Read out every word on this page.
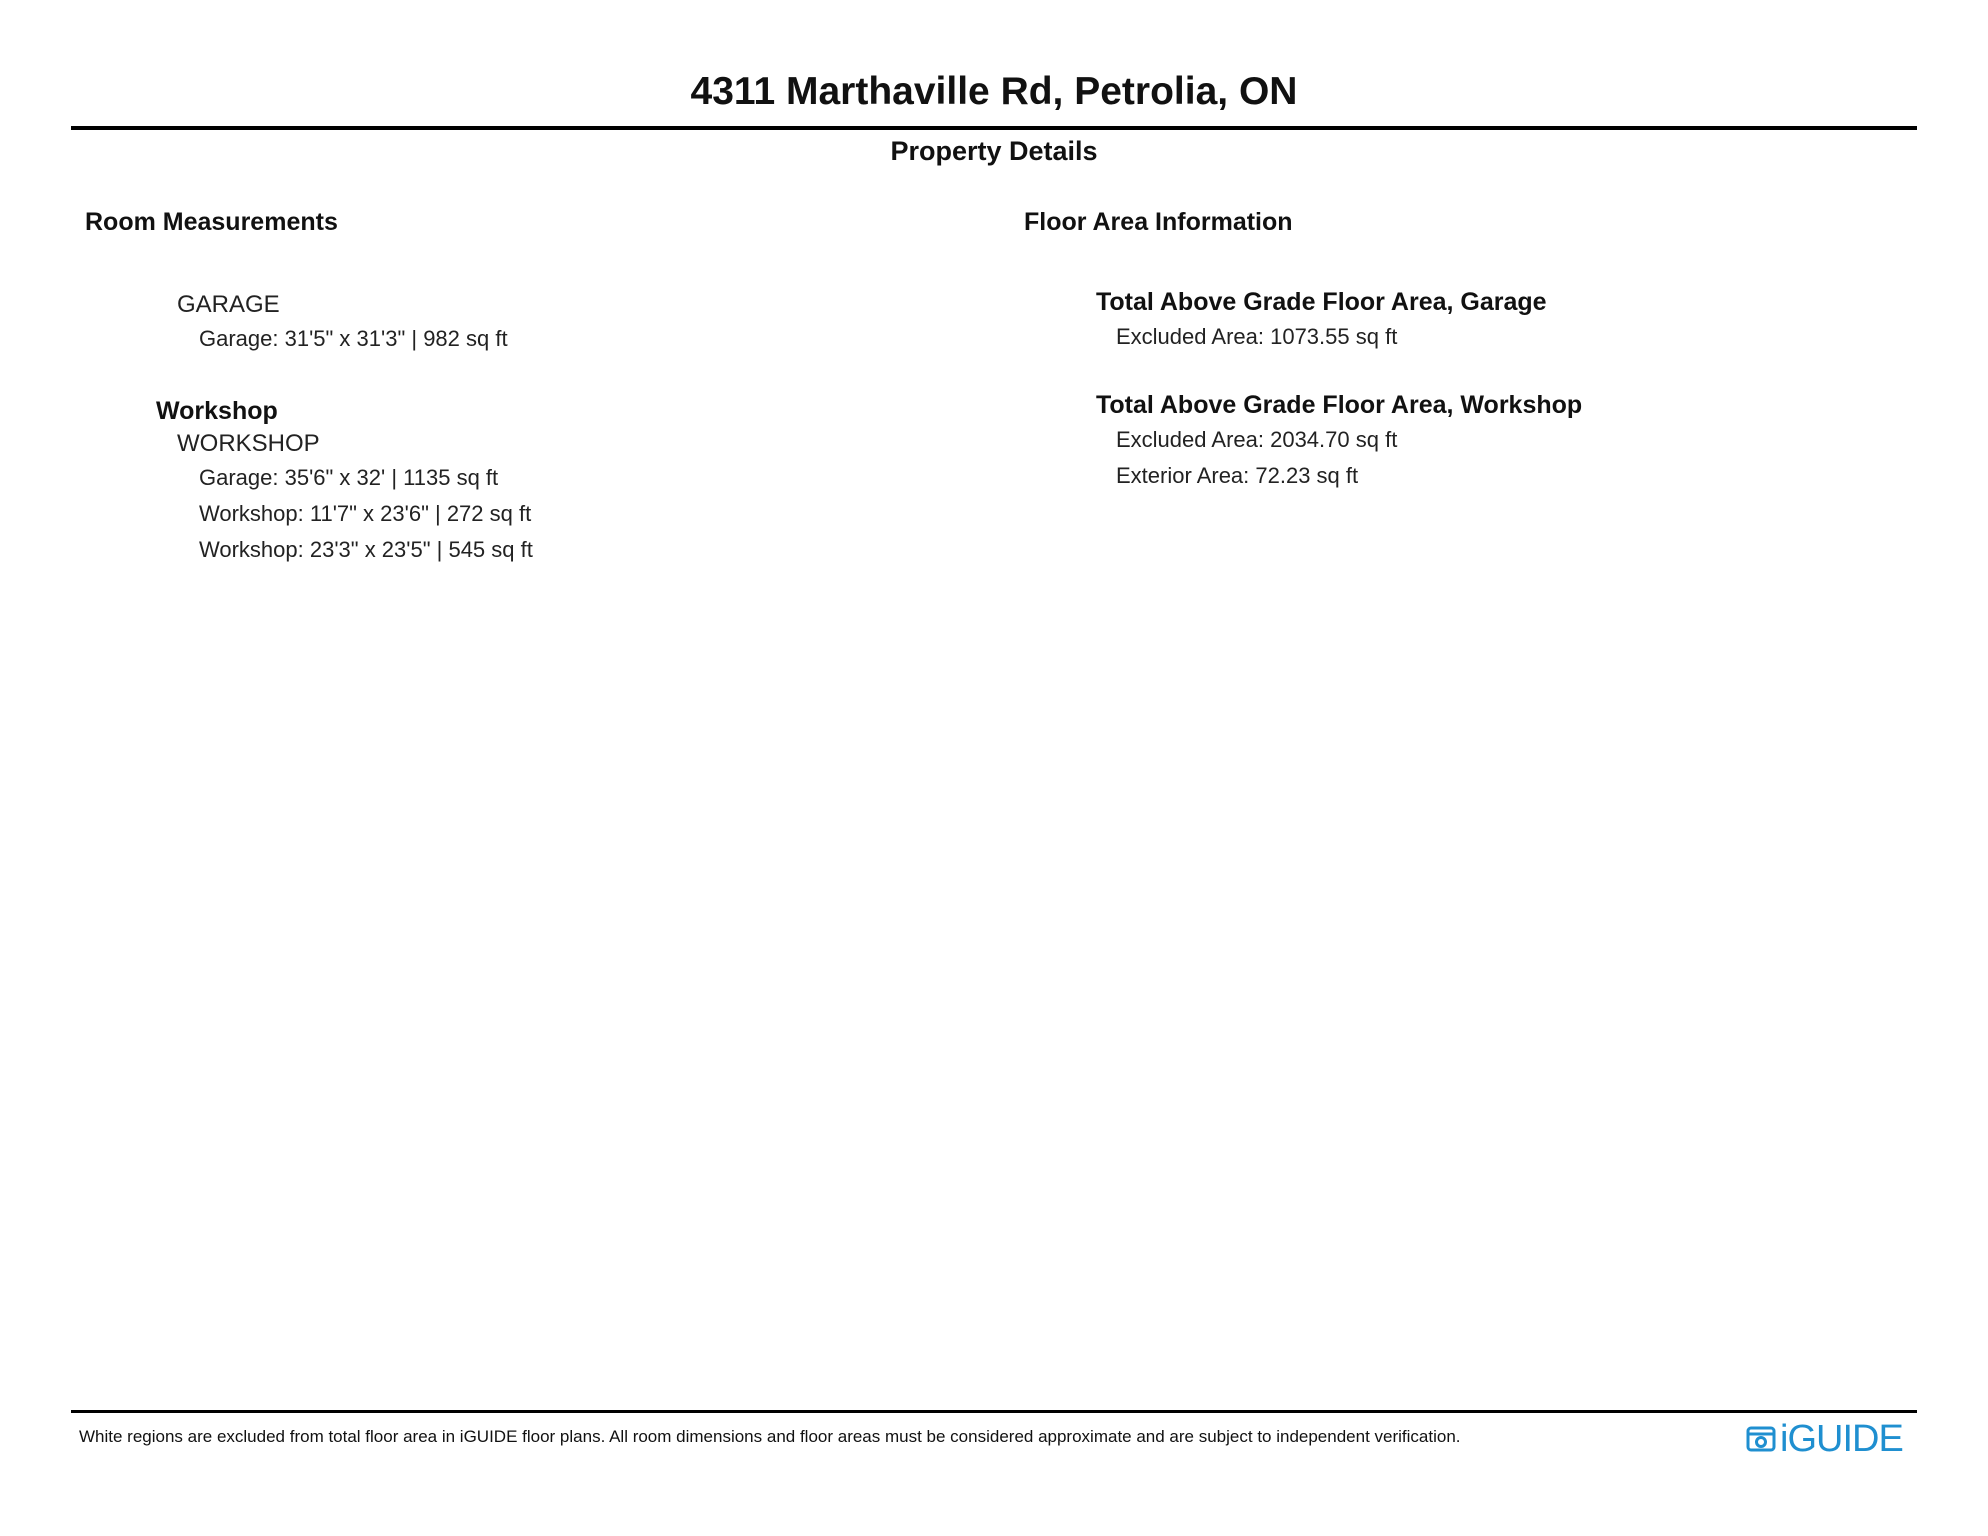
4311 Marthaville Rd, Petrolia, ON
Property Details
Room Measurements
GARAGE
Garage: 31'5" x 31'3" | 982 sq ft
Workshop
WORKSHOP
Garage: 35'6" x 32' | 1135 sq ft
Workshop: 11'7" x 23'6" | 272 sq ft
Workshop: 23'3" x 23'5" | 545 sq ft
Floor Area Information
Total Above Grade Floor Area, Garage
Excluded Area: 1073.55 sq ft
Total Above Grade Floor Area, Workshop
Excluded Area: 2034.70 sq ft
Exterior Area: 72.23 sq ft
White regions are excluded from total floor area in iGUIDE floor plans. All room dimensions and floor areas must be considered approximate and are subject to independent verification.	iGUIDE
